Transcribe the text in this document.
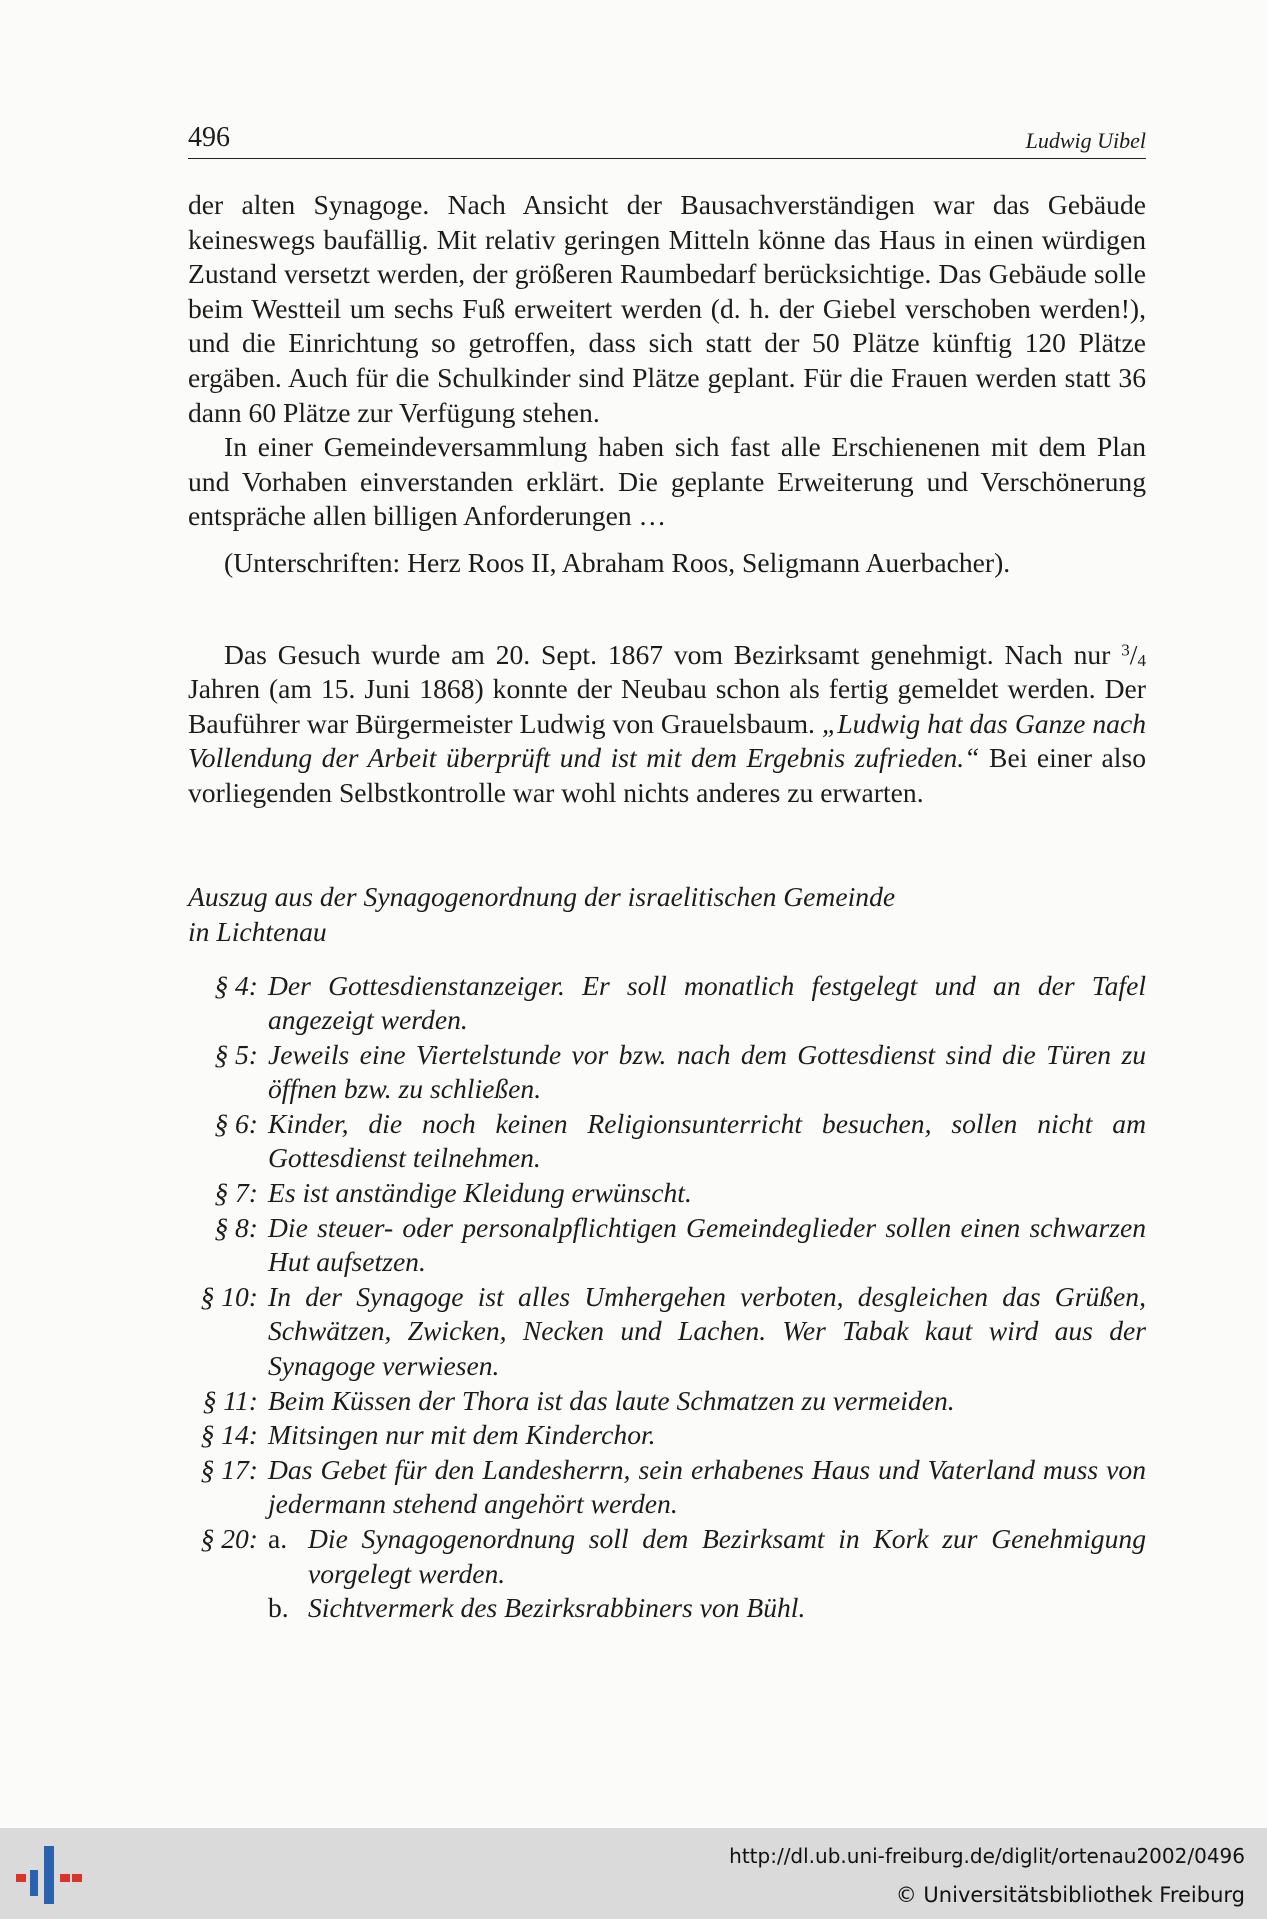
496	Ludwig Uibel

der alten Synagoge. Nach Ansicht der Bausachverständigen war das Gebäude keineswegs baufällig. Mit relativ geringen Mitteln könne das Haus in einen würdigen Zustand versetzt werden, der größeren Raumbedarf berücksichtige. Das Gebäude solle beim Westteil um sechs Fuß erweitert werden (d. h. der Giebel verschoben werden!), und die Einrichtung so getroffen, dass sich statt der 50 Plätze künftig 120 Plätze ergäben. Auch für die Schulkinder sind Plätze geplant. Für die Frauen werden statt 36 dann 60 Plätze zur Verfügung stehen.

In einer Gemeindeversammlung haben sich fast alle Erschienenen mit dem Plan und Vorhaben einverstanden erklärt. Die geplante Erweiterung und Verschönerung entspräche allen billigen Anforderungen …

(Unterschriften: Herz Roos II, Abraham Roos, Seligmann Auerbacher).

Das Gesuch wurde am 20. Sept. 1867 vom Bezirksamt genehmigt. Nach nur $^3$/4 Jahren (am 15. Juni 1868) konnte der Neubau schon als fertig gemeldet werden. Der Bauführer war Bürgermeister Ludwig von Grauelsbaum. „Ludwig hat das Ganze nach Vollendung der Arbeit überprüft und ist mit dem Ergebnis zufrieden.“ Bei einer also vorliegenden Selbstkontrolle war wohl nichts anderes zu erwarten.

Auszug aus der Synagogenordnung der israelitischen Gemeinde
in Lichtenau
§ 4: Der Gottesdienstanzeiger. Er soll monatlich festgelegt und an der Tafel angezeigt werden.
§ 5: Jeweils eine Viertelstunde vor bzw. nach dem Gottesdienst sind die Türen zu öffnen bzw. zu schließen.
§ 6: Kinder, die noch keinen Religionsunterricht besuchen, sollen nicht am Gottesdienst teilnehmen.
§ 7: Es ist anständige Kleidung erwünscht.
§ 8: Die steuer- oder personalpflichtigen Gemeindeglieder sollen einen schwarzen Hut aufsetzen.
§ 10: In der Synagoge ist alles Umhergehen verboten, desgleichen das Grüßen, Schwätzen, Zwicken, Necken und Lachen. Wer Tabak kaut wird aus der Synagoge verwiesen.
§ 11: Beim Küssen der Thora ist das laute Schmatzen zu vermeiden.
§ 14: Mitsingen nur mit dem Kinderchor.
§ 17: Das Gebet für den Landesherrn, sein erhabenes Haus und Vaterland muss von jedermann stehend angehört werden.
§ 20: a. Die Synagogenordnung soll dem Bezirksamt in Kork zur Genehmigung vorgelegt werden.
b. Sichtvermerk des Bezirksrabbiners von Bühl.
http://dl.ub.uni-freiburg.de/diglit/ortenau2002/0496
© Universitätsbibliothek Freiburg
